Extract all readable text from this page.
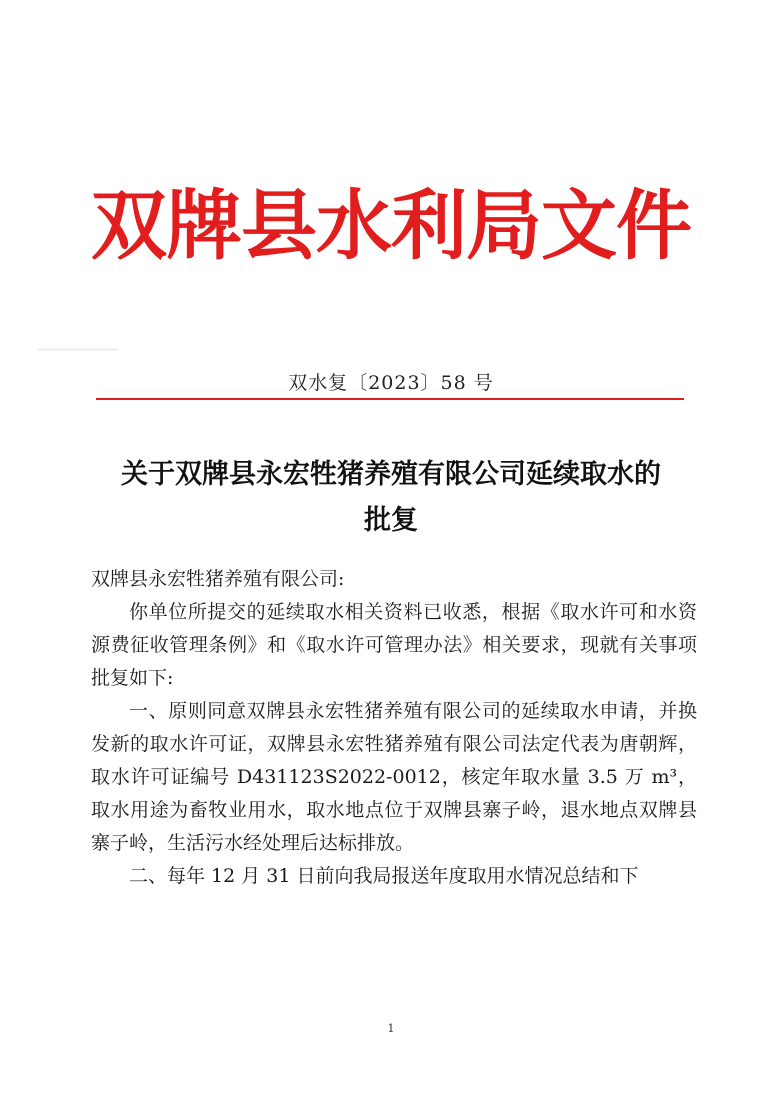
双牌县水利局文件
双水复〔2023〕58 号
关于双牌县永宏牲猪养殖有限公司延续取水的
批复

双牌县永宏牲猪养殖有限公司:

你单位所提交的延续取水相关资料已收悉，根据《取水许可和水资源费征收管理条例》和《取水许可管理办法》相关要求，现就有关事项批复如下:

一、原则同意双牌县永宏牲猪养殖有限公司的延续取水申请，并换发新的取水许可证，双牌县永宏牲猪养殖有限公司法定代表为唐朝辉，取水许可证编号 D431123S2022-0012，核定年取水量 3.5 万 m³，取水用途为畜牧业用水，取水地点位于双牌县寨子岭，退水地点双牌县寨子岭，生活污水经处理后达标排放。

二、每年 12 月 31 日前向我局报送年度取用水情况总结和下

1
